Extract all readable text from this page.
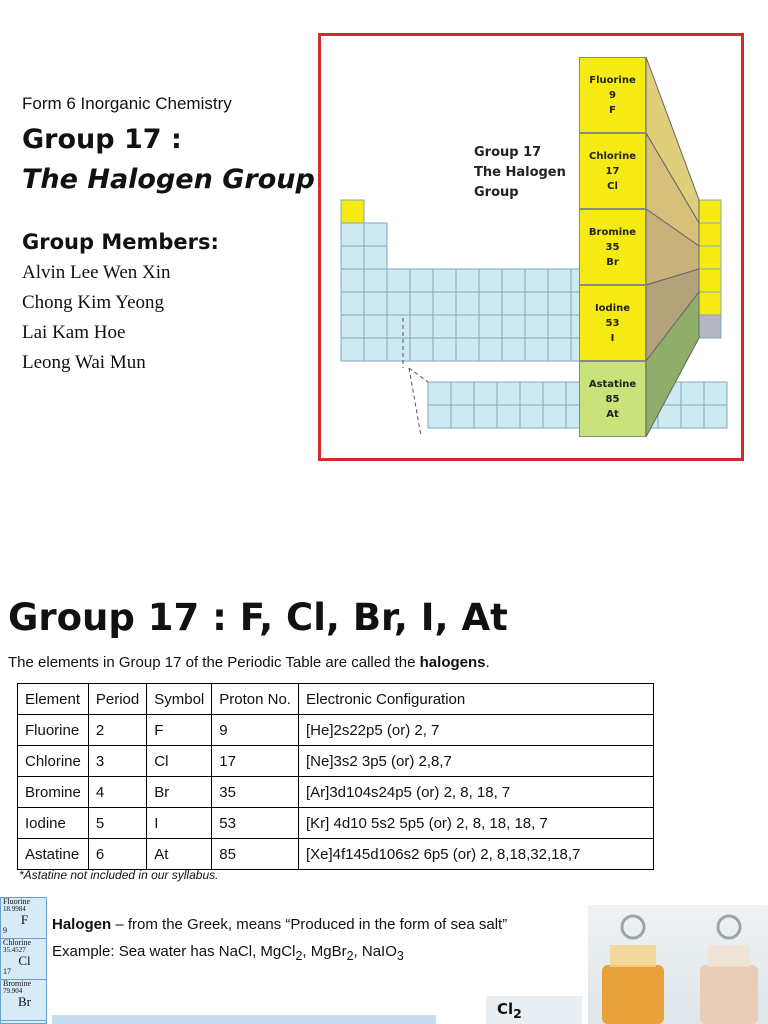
Form 6 Inorganic Chemistry
Group 17 :
The Halogen Group
Group Members:
Alvin Lee Wen Xin
Chong Kim Yeong
Lai Kam Hoe
Leong Wai Mun
Group 17
The Halogen
Group
Fluorine
9
F
Chlorine
17
Cl
Bromine
35
Br
Iodine
53
I
Astatine
85
At
Group 17 : F, Cl, Br, I, At
The elements in Group 17 of the Periodic Table are called the halogens.
Element	Period	Symbol	Proton No.	Electronic Configuration
Fluorine	2	F	9	[He]2s22p5 (or) 2, 7
Chlorine	3	Cl	17	[Ne]3s2 3p5 (or) 2,8,7
Bromine	4	Br	35	[Ar]3d104s24p5 (or) 2, 8, 18, 7
Iodine	5	I	53	[Kr] 4d10 5s2 5p5 (or) 2, 8, 18, 18, 7
Astatine	6	At	85	[Xe]4f145d106s2 6p5 (or) 2, 8,18,32,18,7
*Astatine not included in our syllabus.
Fluorine
18.9984
F
9
Chlorine
35.4527
Cl
17
Bromine
79.904
Br
Halogen – from the Greek, means “Produced in the form of sea salt”
Example: Sea water has NaCl, MgCl$_2$, MgBr$_2$, NaIO$_3$
$Cl_2$
